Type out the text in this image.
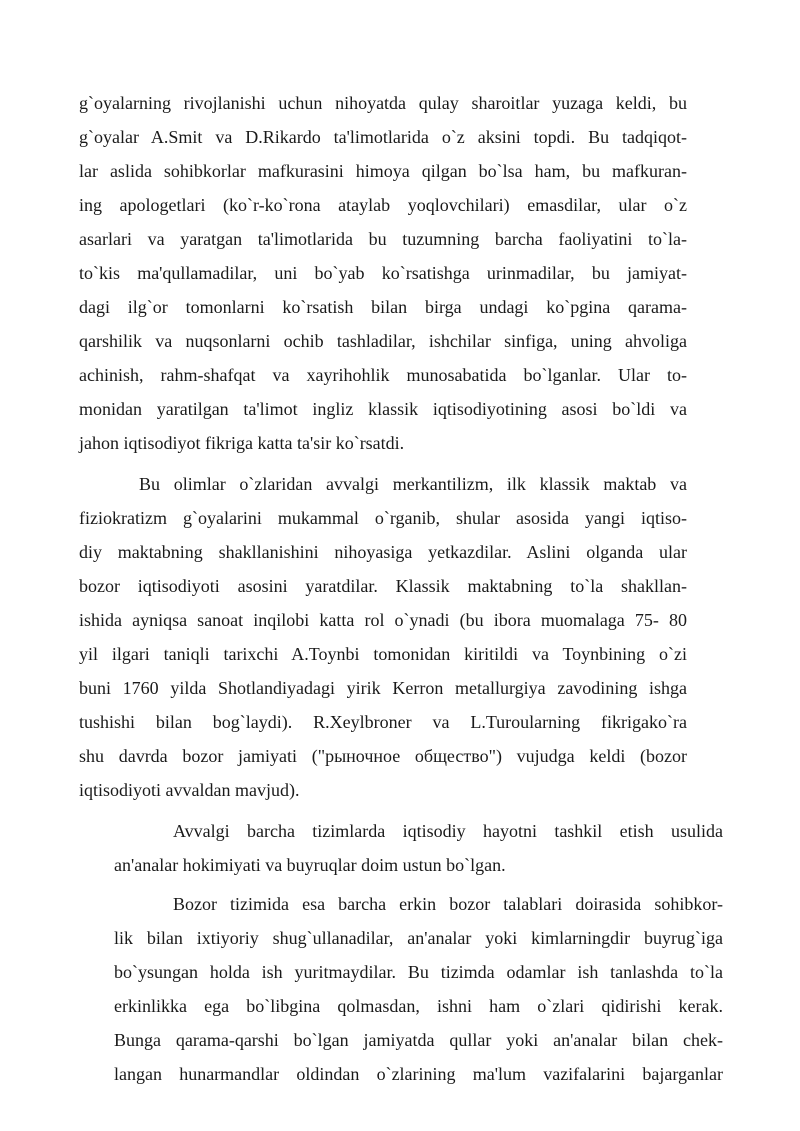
g`oyalarning rivojlanishi uchun nihoyatda qulay sharoitlar yuzaga keldi, bu
g`oyalar A.Smit va D.Rikardo ta'limotlarida o`z aksini topdi. Bu tadqiqot-
lar aslida sohibkorlar mafkurasini himoya qilgan bo`lsa ham, bu mafkuran-
ing apologetlari (ko`r-ko`rona ataylab yoqlovchilari) emasdilar, ular o`z
asarlari va yaratgan ta'limotlarida bu tuzumning barcha faoliyatini to`la-
to`kis ma'qullamadilar, uni bo`yab ko`rsatishga urinmadilar, bu jamiyat-
dagi ilg`or tomonlarni ko`rsatish bilan birga undagi ko`pgina qarama-
qarshilik va nuqsonlarni ochib tashladilar, ishchilar sinfiga, uning ahvoliga
achinish, rahm-shafqat va xayrihohlik munosabatida bo`lganlar. Ular to-
monidan yaratilgan ta'limot ingliz klassik iqtisodiyotining asosi bo`ldi va
jahon iqtisodiyot fikriga katta ta'sir ko`rsatdi.
Bu olimlar o`zlaridan avvalgi merkantilizm, ilk klassik maktab va
fiziokratizm g`oyalarini mukammal o`rganib, shular asosida yangi iqtiso-
diy maktabning shakllanishini nihoyasiga yetkazdilar. Aslini olganda ular
bozor iqtisodiyoti asosini yaratdilar. Klassik maktabning to`la shakllan-
ishida ayniqsa sanoat inqilobi katta rol o`ynadi (bu ibora muomalaga 75- 80
yil ilgari taniqli tarixchi A.Toynbi tomonidan kiritildi va Toynbining o`zi
buni 1760 yilda Shotlandiyadagi yirik Kerron metallurgiya zavodining ishga
tushishi bilan bog`laydi). R.Xeylbroner va L.Turoularning fikrigako`ra
shu davrda bozor jamiyati ("рыночное общество") vujudga keldi (bozor
iqtisodiyoti avvaldan mavjud).
Avvalgi barcha tizimlarda iqtisodiy hayotni tashkil etish usulida
an'analar hokimiyati va buyruqlar doim ustun bo`lgan.
Bozor tizimida esa barcha erkin bozor talablari doirasida sohibkor-
lik bilan ixtiyoriy shug`ullanadilar, an'analar yoki kimlarningdir buyrug`iga
bo`ysungan holda ish yuritmaydilar. Bu tizimda odamlar ish tanlashda to`la
erkinlikka ega bo`libgina qolmasdan, ishni ham o`zlari qidirishi kerak.
Bunga qarama-qarshi bo`lgan jamiyatda qullar yoki an'analar bilan chek-
langan hunarmandlar oldindan o`zlarining ma'lum vazifalarini bajarganlar
